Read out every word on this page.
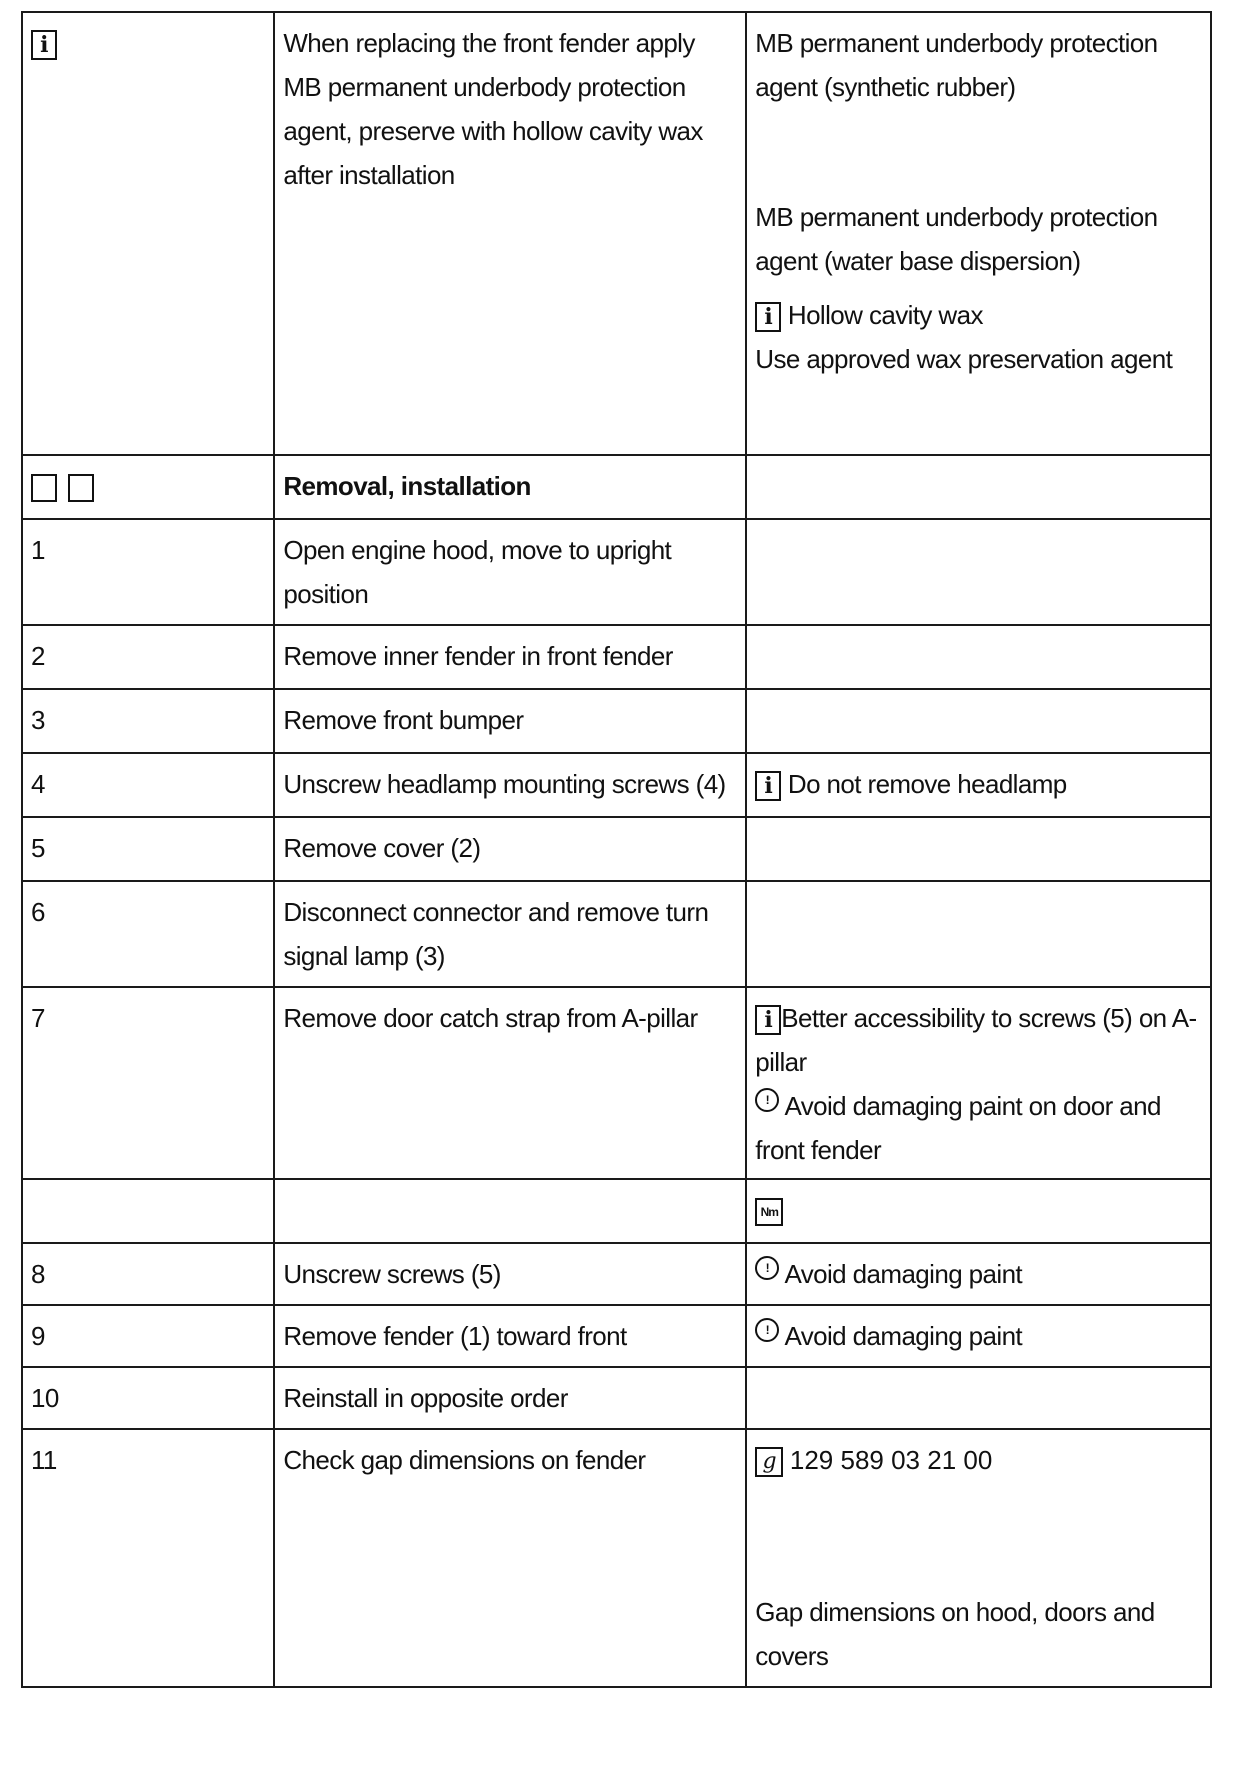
i	When replacing the front fender apply MB permanent underbody protection agent, preserve with hollow cavity wax after installation	MB permanent underbody protection agent (synthetic rubber)
MB permanent underbody protection agent (water base dispersion)
i Hollow cavity wax
Use approved wax preservation agent

	Removal, installation	
1	Open engine hood, move to upright position	
2	Remove inner fender in front fender	
3	Remove front bumper	
4	Unscrew headlamp mounting screws (4)	i Do not remove headlamp
5	Remove cover (2)	
6	Disconnect connector and remove turn signal lamp (3)	
7	Remove door catch strap from A-pillar	i Better accessibility to screws (5) on A-pillar
! Avoid damaging paint on door and front fender

		Nm
8	Unscrew screws (5)	! Avoid damaging paint
9	Remove fender (1) toward front	! Avoid damaging paint
10	Reinstall in opposite order	
11	Check gap dimensions on fender	g 129 589 03 21 00
Gap dimensions on hood, doors and covers
